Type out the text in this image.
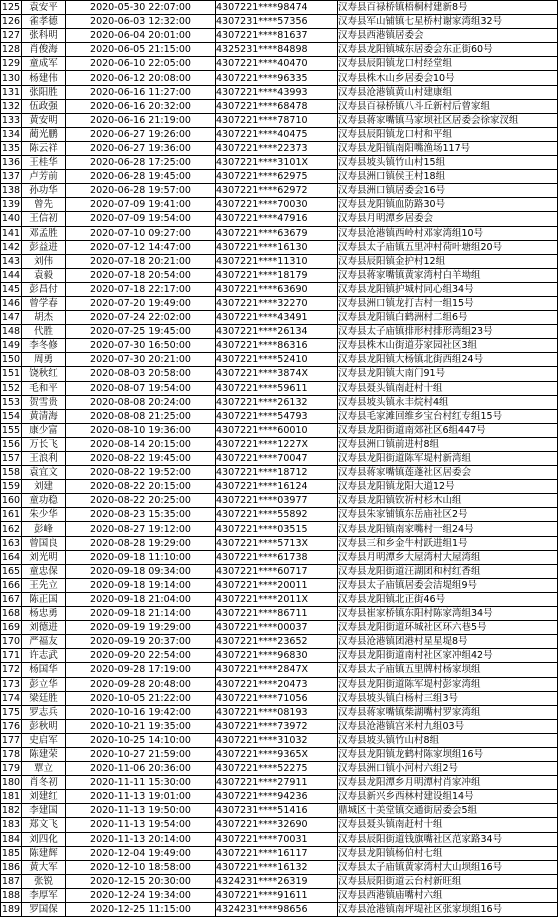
125	袁安平	2020-05-30 22:07:00	4307221****98474	汉寿县百禄桥镇梧桐村建新8号
126	雀孝德	2020-06-03 12:32:00	4307231****57356	汉寿县军山铺镇七星桥村谢家湾组32号
127	张科明	2020-06-04 20:01:00	4307221****81637	汉寿县西港镇居委会
128	肖俊海	2020-06-05 21:15:00	4325231****84898	汉寿县龙阳镇城东居委会东正街60号
129	童成军	2020-06-10 22:05:00	4307221****40470	汉寿县辰阳镇龙口村经堂组
130	杨建伟	2020-06-12 20:08:00	4307221****96335	汉寿县株木山乡居委会10号
131	张阳胜	2020-06-16 11:27:00	4307221****43993	汉寿县沧港镇黄山村建康组
132	伍政强	2020-06-16 20:32:00	4307221****68478	汉寿县百禄桥镇八斗丘新村后曾家组
133	黄安明	2020-06-16 21:19:00	4307221****78710	汉寿县蒋家嘴镇马家坝社区居委会徐家汊组
134	蔺光鹏	2020-06-27 19:26:00	4307221****40475	汉寿县辰阳镇龙口村和平组
135	陈云祥	2020-06-27 19:36:00	4307221****22373	汉寿县龙阳镇南阳嘴渔场117号
136	王桂华	2020-06-28 17:25:00	4307221****3101X	汉寿县坡头镇竹山村15组
137	卢芳前	2020-06-28 19:45:00	4307221****62975	汉寿县洲口镇侯王村18组
138	孙功华	2020-06-28 19:57:00	4307221****62972	汉寿县洲口镇居委会16号
139	曾先	2020-07-09 19:41:00	4307221****70030	汉寿县龙阳镇血防路30号
140	王信初	2020-07-09 19:54:00	4307221****47916	汉寿县月明潭乡居委会
141	邓孟胜	2020-07-10 09:27:00	4307221****63679	汉寿县沧港镇西岭村邓家湾组10号
142	彭益进	2020-07-12 14:47:00	4307221****16130	汉寿县太子庙镇五里冲村荷叶塘组20号
143	刘伟	2020-07-18 20:21:00	4307221****11310	汉寿县辰阳镇金护村12组
144	袁毅	2020-07-18 20:54:00	4307221****18179	汉寿县蒋家嘴镇黄家湾村白羊坳组
145	彭昌付	2020-07-18 22:17:00	4307221****63690	汉寿县龙阳镇护城村同心组34号
146	曾学春	2020-07-20 19:49:00	4307221****32270	汉寿县洲口镇龙打吉村一组15号
147	胡杰	2020-07-24 22:02:00	4307221****43491	汉寿县龙阳镇白鹤洲村二组6号
148	代胜	2020-07-25 19:45:00	4307221****26134	汉寿县太子庙镇排形村排形湾组23号
149	李冬修	2020-07-30 16:50:00	4307221****86316	汉寿县株木山街道芬家园社区3组
150	周勇	2020-07-30 20:21:00	4307221****52410	汉寿县龙阳镇大杨镇北街西组24号
151	饶秋红	2020-08-03 20:58:00	4307221****3874X	汉寿县龙阳镇大南门91号
152	毛和平	2020-08-07 19:54:00	4307221****59611	汉寿县聂头镇南赶村十组
153	贺雪贵	2020-08-08 20:24:00	4307221****26132	汉寿县坡头镇永丰烷村4组
154	黄清海	2020-08-08 21:25:00	4307221****54793	汉寿县毛家滩回维乡宝台村红专组15号
155	康少富	2020-08-10 19:36:00	4307221****60010	汉寿县龙阳街道南郊社区6组447号
156	万长飞	2020-08-14 20:15:00	4307221****1227X	汉寿县洲口镇前进村8组
157	王浪利	2020-08-22 19:45:00	4307221****70047	汉寿县龙阳街道陈军堤村新湾组
158	袁宜文	2020-08-22 19:52:00	4307221****18712	汉寿县蒋家嘴镇莲蓬社区居委会
159	刘建	2020-08-22 20:15:00	4307221****16124	汉寿县龙阳镇龙阳大道12号
160	童功稳	2020-08-22 20:25:00	4307221****03977	汉寿县龙阳镇钦祈村杉木山组
161	朱少华	2020-08-23 15:35:00	4307221****55892	汉寿县朱家铺镇东岳庙社区2号
162	彭峰	2020-08-27 19:12:00	4307221****03515	汉寿县龙阳镇南家嘴村一组24号
163	曾国良	2020-08-28 19:29:00	4307221****5713X	汉寿县三和乡金牛村跃进组1号
164	刘光明	2020-09-18 11:10:00	4307221****61738	汉寿县月明潭乡大屋湾村大屋湾组
165	童忠保	2020-09-18 09:34:00	4307221****60717	汉寿县龙阳街道汪湖团和村红香组
166	王先立	2020-09-18 19:14:00	4307221****20011	汉寿县太子庙镇居委会洁堤组9号
167	陈正国	2020-09-18 21:04:00	4307221****2011X	汉寿县龙阳镇北正街46号
168	杨忠勇	2020-09-18 21:14:00	4307221****86711	汉寿县崔家桥镇东阳村陈家湾组34号
169	刘德进	2020-09-19 19:29:00	4307221****00037	汉寿县龙阳街道环城社区环六巷5号
170	严福友	2020-09-19 20:37:00	4307221****23652	汉寿县沧港镇团港村星星堤8号
171	许志武	2020-09-20 22:54:00	4307221****96830	汉寿县龙阳街道南村社区家冲组42号
172	杨国华	2020-09-28 17:19:00	4307221****2847X	汉寿县太子庙镇五里牌村杨家坝组
173	彭立华	2020-09-28 20:48:00	4307221****20473	汉寿县龙阳街道陈军堤村彭家湾组
174	梁廷胜	2020-10-05 21:22:00	4307221****71056	汉寿县坡头镇白杨村三组3号
175	罗志兵	2020-10-16 19:42:00	4307221****08193	汉寿县蒋家嘴镇柴湖嘴村罗家湾组
176	彭秋明	2020-10-21 19:35:00	4307221****73972	汉寿县沧港镇宫米村九组03号
177	史启军	2020-10-25 14:10:00	4307221****31032	汉寿县坡头镇竹山村8组
178	陈建荣	2020-10-27 21:59:00	4307221****9365X	汉寿县龙阳镇龙鹤村陈家坝组16号
179	覃立	2020-11-06 20:36:00	4307221****52275	汉寿县洲口镇小河村六组2号
180	肖冬初	2020-11-11 15:30:00	4307221****27911	汉寿县龙阳潭乡月明潭村肖家冲组
181	刘建红	2020-11-13 19:01:00	4307221****94236	汉寿县新兴乡西林村建设组14号
182	李建国	2020-11-13 19:50:00	4307231****51416	鼎城区十美堂镇交通街居委会5组
183	郑文飞	2020-11-13 19:54:00	4307221****32690	汉寿县聂头镇南赶村十组
184	刘四化	2020-11-13 20:14:00	4307221****70031	汉寿县辰阳街道钱旗嘴社区范家路34号
185	陈建辉	2020-12-04 19:49:00	4307221****16117	汉寿县龙阳镇杨伯村七组
186	黄大军	2020-12-10 18:58:00	4307221****16132	汉寿县太子庙镇黄家湾村大山坝组16号
187	张锐	2020-12-15 20:30:00	4324231****26319	汉寿县辰阳街道云台村新旺组
188	李厚军	2020-12-24 19:34:00	4307221****91611	汉寿县西港镇庙嘴村六组
189	罗国保	2020-12-25 11:15:00	4324231****98656	汉寿县沧港镇南坪堤社区张家坝组16号
